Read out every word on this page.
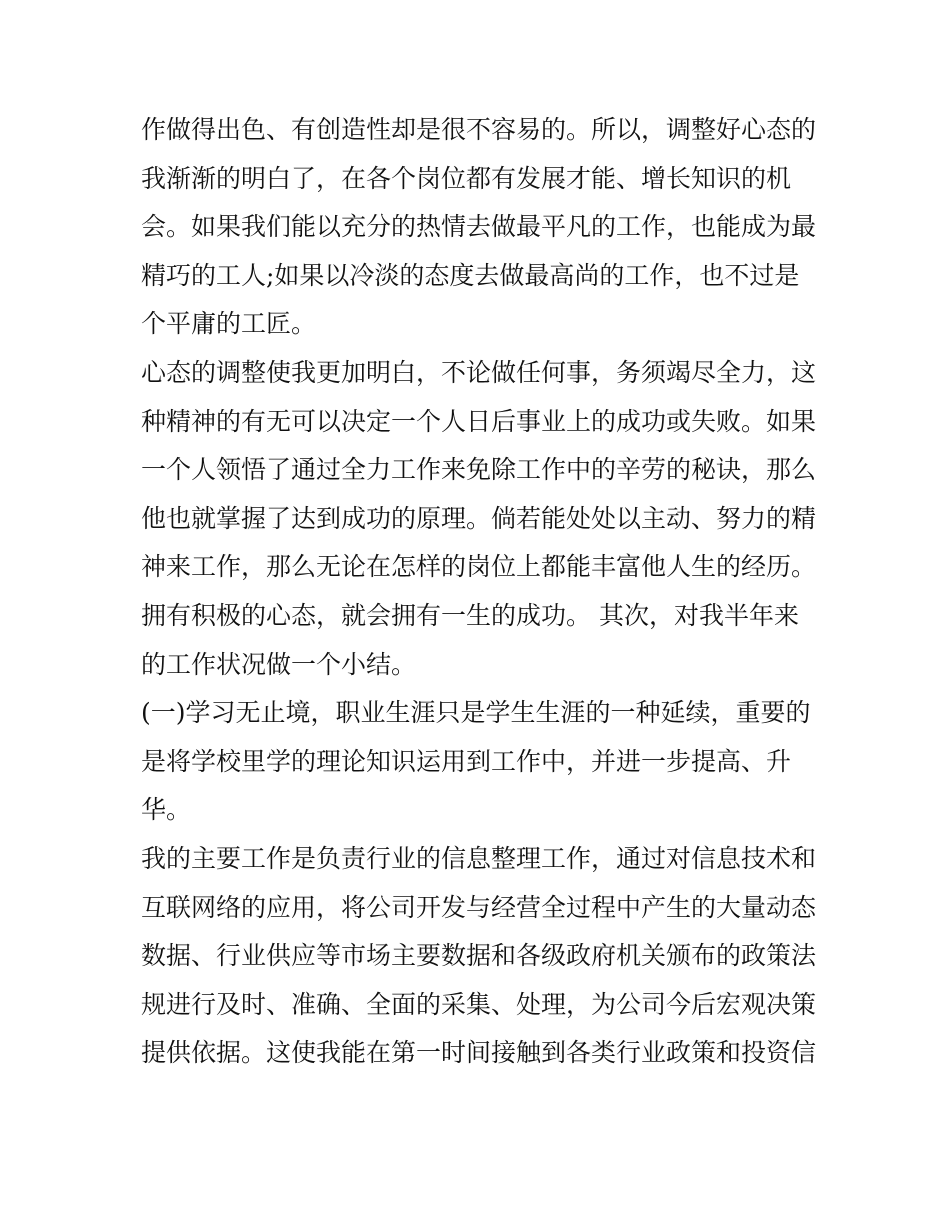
作做得出色、有创造性却是很不容易的。所以，调整好心态的
我渐渐的明白了，在各个岗位都有发展才能、增长知识的机
会。如果我们能以充分的热情去做最平凡的工作，也能成为最
精巧的工人;如果以冷淡的态度去做最高尚的工作，也不过是
个平庸的工匠。
心态的调整使我更加明白，不论做任何事，务须竭尽全力，这
种精神的有无可以决定一个人日后事业上的成功或失败。如果
一个人领悟了通过全力工作来免除工作中的辛劳的秘诀，那么
他也就掌握了达到成功的原理。倘若能处处以主动、努力的精
神来工作，那么无论在怎样的岗位上都能丰富他人生的经历。
拥有积极的心态，就会拥有一生的成功。 其次，对我半年来
的工作状况做一个小结。
(一)学习无止境，职业生涯只是学生生涯的一种延续，重要的
是将学校里学的理论知识运用到工作中，并进一步提高、升
华。
我的主要工作是负责行业的信息整理工作，通过对信息技术和
互联网络的应用，将公司开发与经营全过程中产生的大量动态
数据、行业供应等市场主要数据和各级政府机关颁布的政策法
规进行及时、准确、全面的采集、处理，为公司今后宏观决策
提供依据。这使我能在第一时间接触到各类行业政策和投资信
